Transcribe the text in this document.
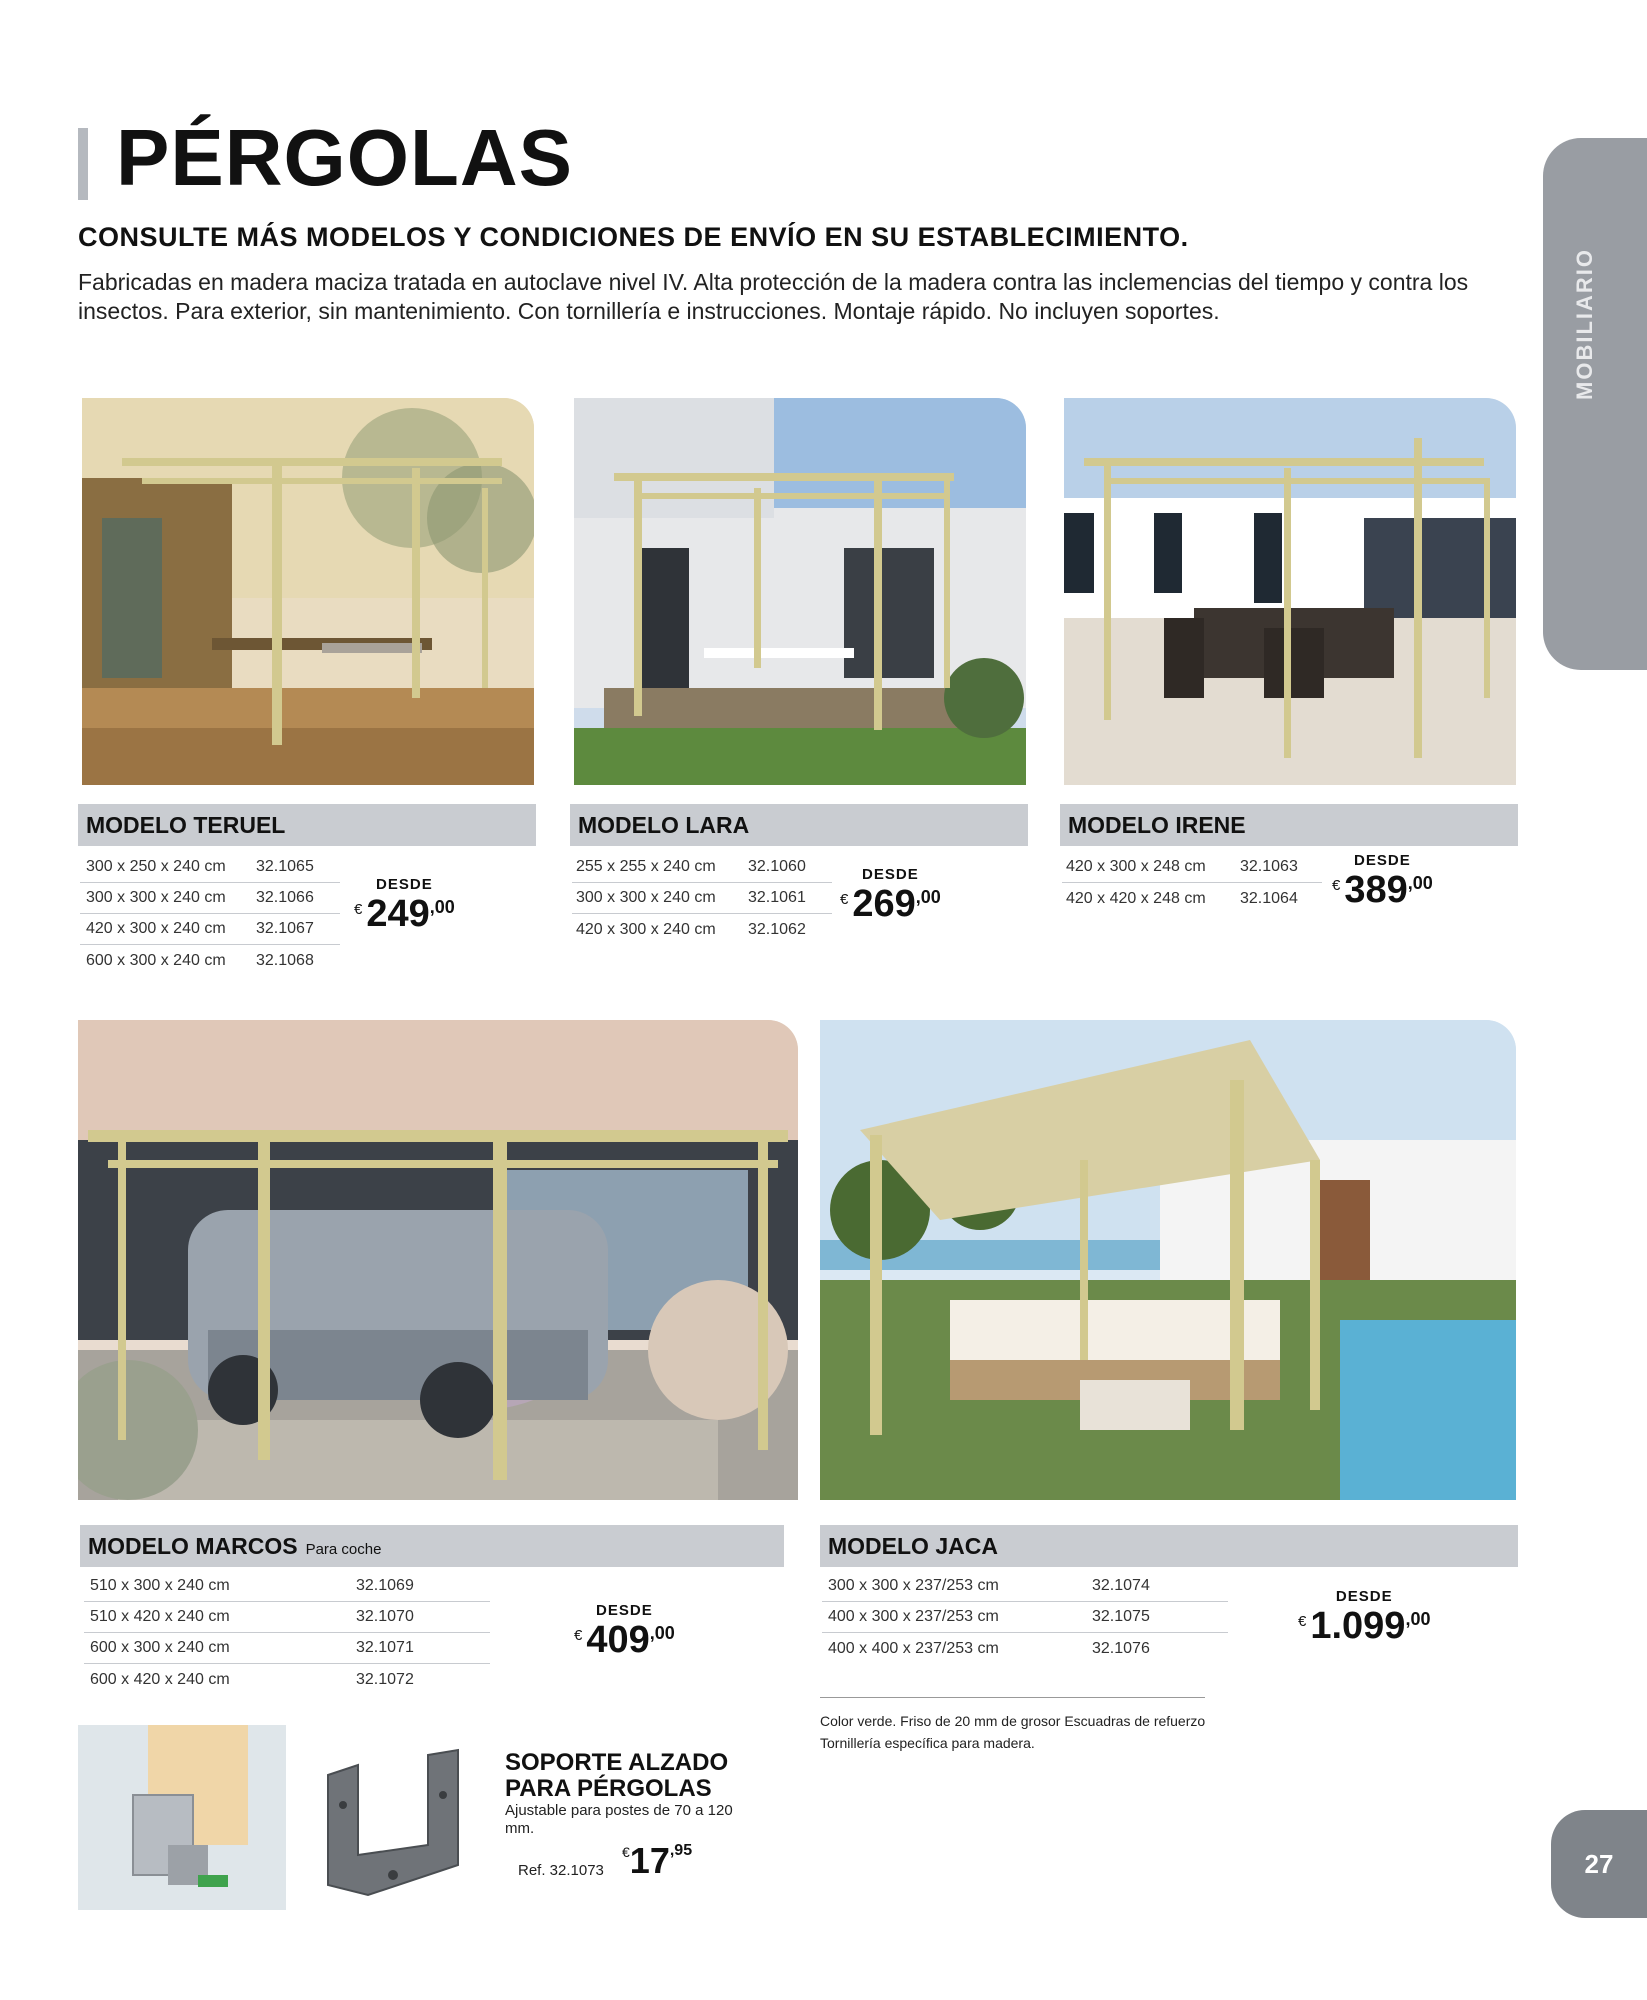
PÉRGOLAS
CONSULTE MÁS MODELOS Y CONDICIONES DE ENVÍO EN SU ESTABLECIMIENTO.

Fabricadas en madera maciza tratada en autoclave nivel IV. Alta protección de la madera contra las inclemencias del tiempo y contra los insectos. Para exterior, sin mantenimiento. Con tornillería e instrucciones. Montaje rápido. No incluyen soportes.

MODELO TERUEL
300 x 250 x 240 cm	32.1065
300 x 300 x 240 cm	32.1066
420 x 300 x 240 cm	32.1067
600 x 300 x 240 cm	32.1068
DESDE
€ 249,00
MODELO LARA
255 x 255 x 240 cm	32.1060
300 x 300 x 240 cm	32.1061
420 x 300 x 240 cm	32.1062
DESDE
€ 269,00
MODELO IRENE
420 x 300 x 248 cm	32.1063
420 x 420 x 248 cm	32.1064
DESDE
€ 389,00
MODELO MARCOS Para coche
510 x 300 x 240 cm	32.1069
510 x 420 x 240 cm	32.1070
600 x 300 x 240 cm	32.1071
600 x 420 x 240 cm	32.1072
DESDE
€ 409,00
MODELO JACA
300 x 300 x 237/253 cm	32.1074
400 x 300 x 237/253 cm	32.1075
400 x 400 x 237/253 cm	32.1076
DESDE
€ 1.099,00

Color verde. Friso de 20 mm de grosor Escuadras de refuerzo Tornillería específica para madera.

SOPORTE ALZADO
PARA PÉRGOLAS
Ajustable para postes de 70 a 120 mm.
Ref. 32.1073
€17,95	27
